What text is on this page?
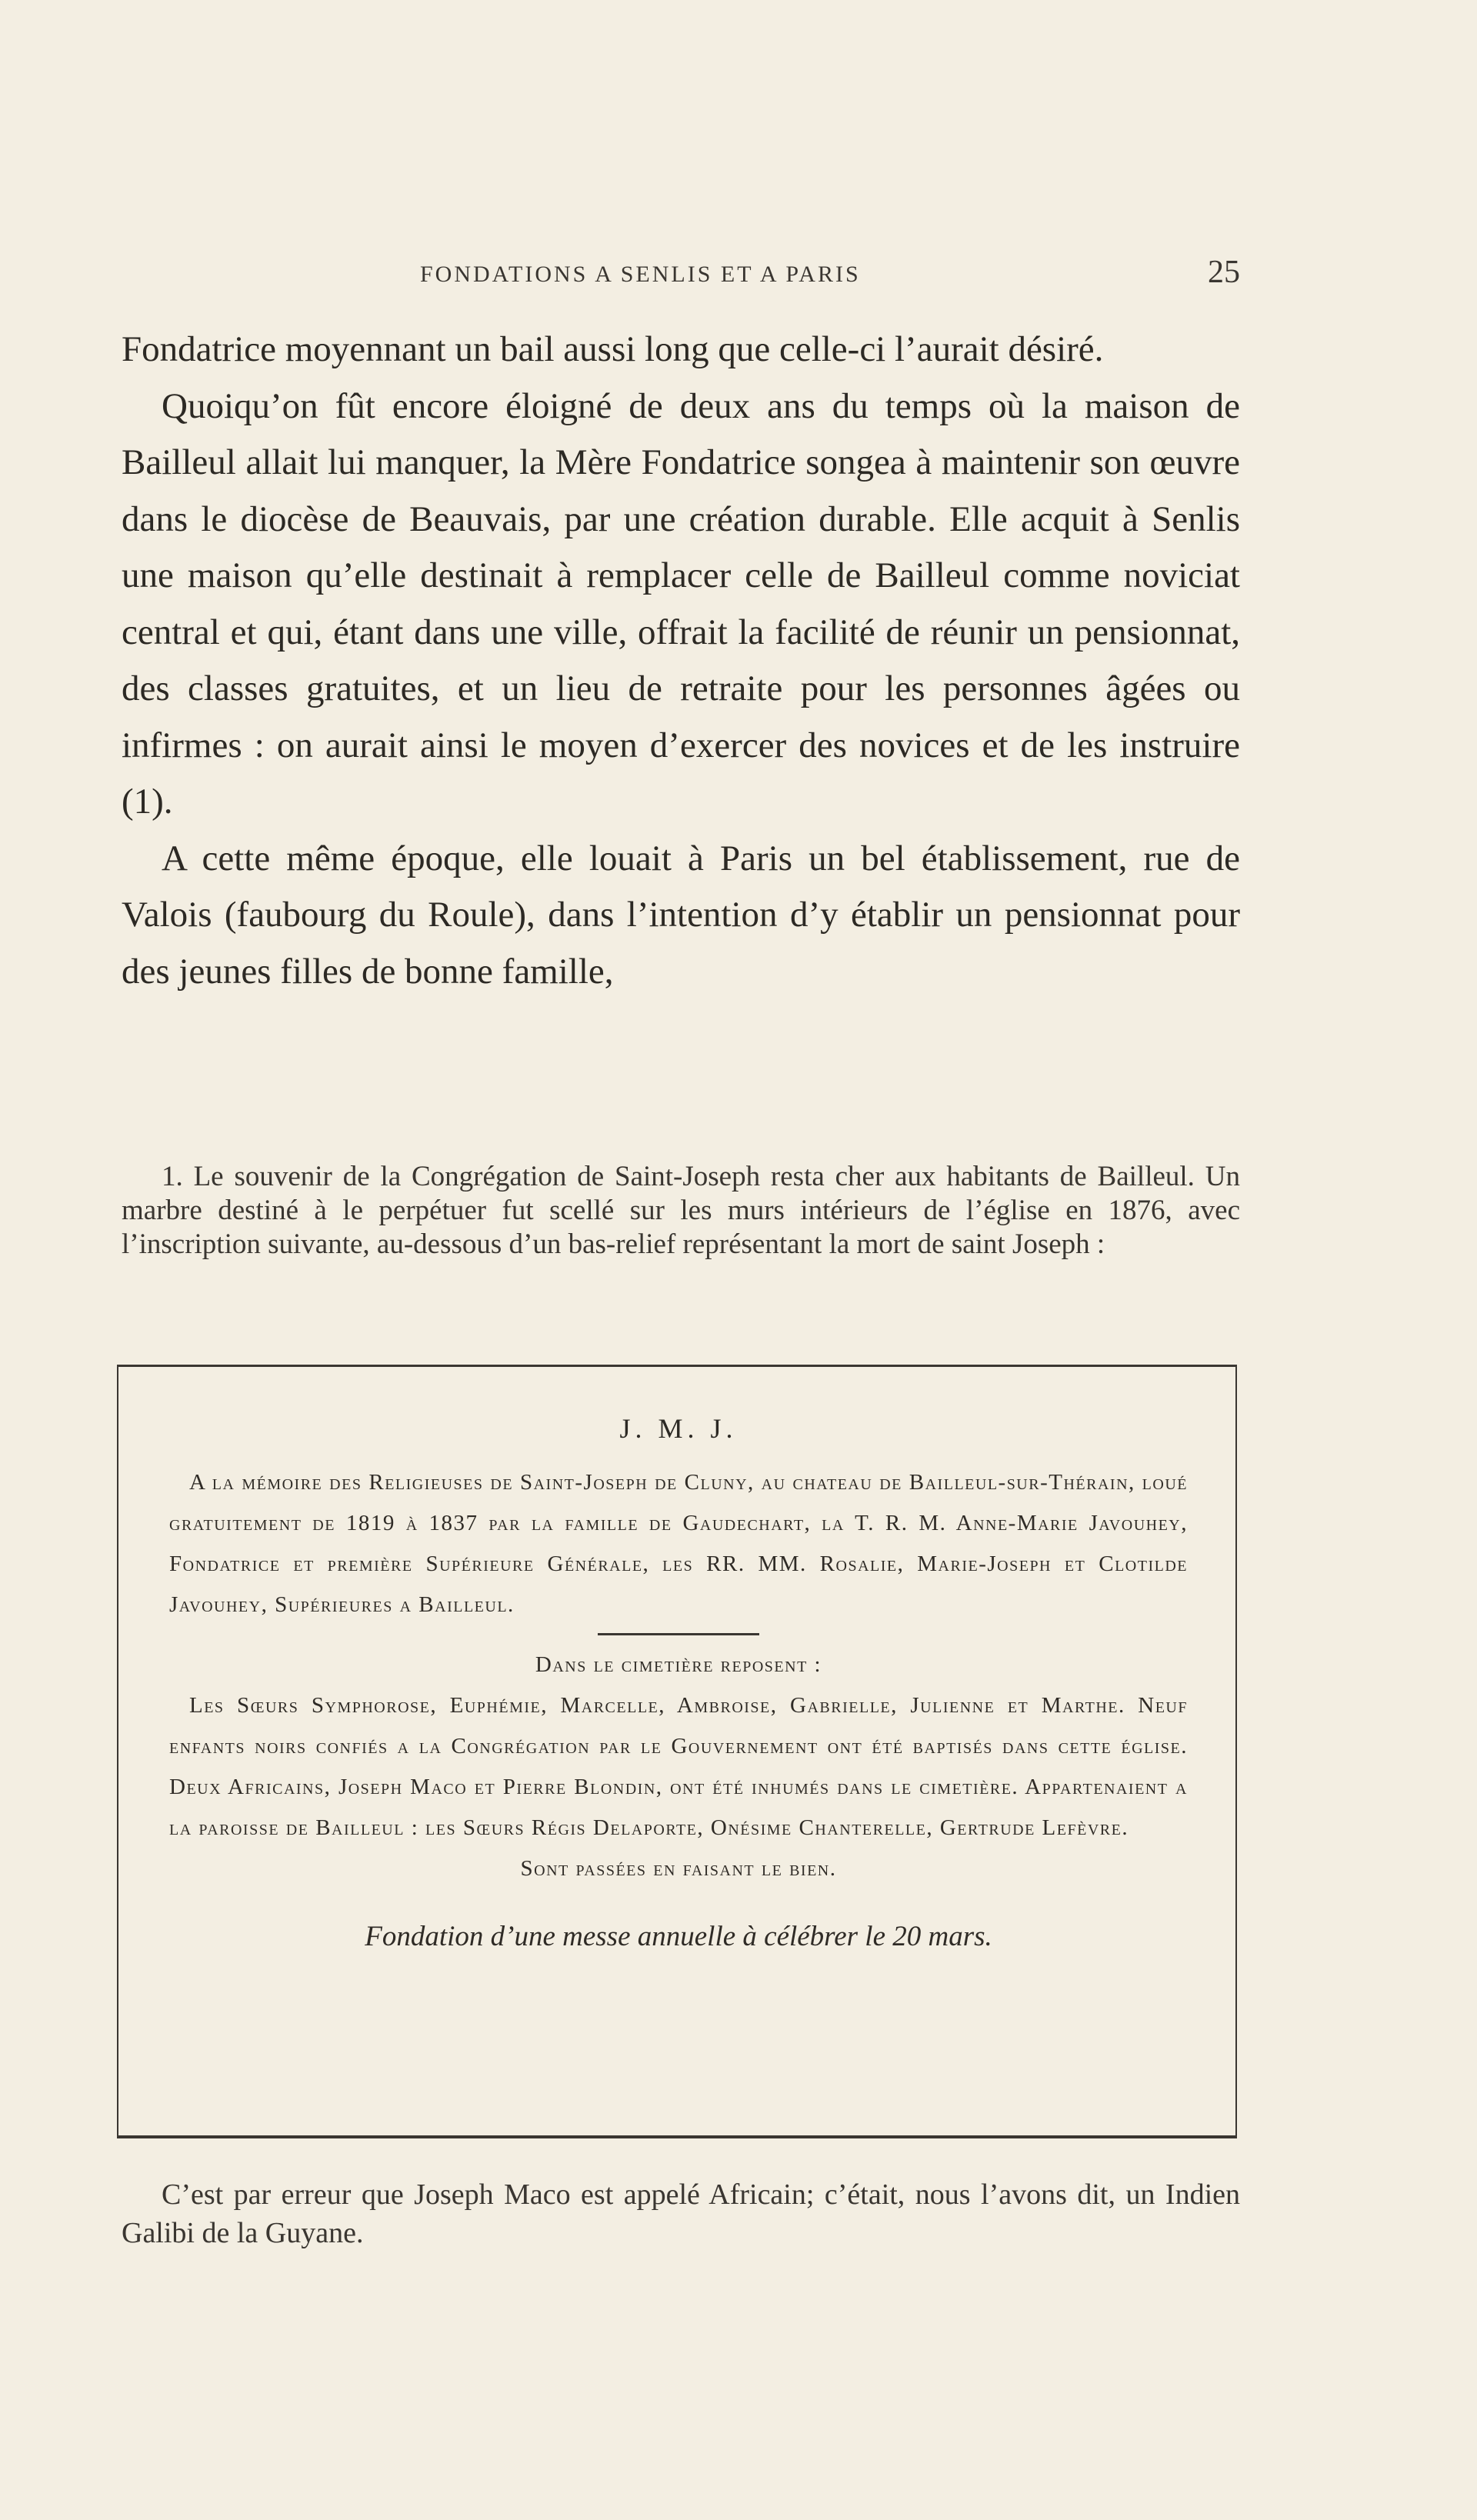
FONDATIONS A SENLIS ET A PARIS	25

Fondatrice moyennant un bail aussi long que celle-ci l’aurait désiré.

Quoiqu’on fût encore éloigné de deux ans du temps où la maison de Bailleul allait lui manquer, la Mère Fondatrice songea à maintenir son œuvre dans le diocèse de Beauvais, par une création durable. Elle acquit à Senlis une maison qu’elle destinait à remplacer celle de Bailleul comme noviciat central et qui, étant dans une ville, offrait la facilité de réunir un pensionnat, des classes gratuites, et un lieu de retraite pour les personnes âgées ou infirmes : on aurait ainsi le moyen d’exercer des novices et de les instruire (1).

A cette même époque, elle louait à Paris un bel établissement, rue de Valois (faubourg du Roule), dans l’intention d’y établir un pensionnat pour des jeunes filles de bonne famille,

1. Le souvenir de la Congrégation de Saint-Joseph resta cher aux habitants de Bailleul. Un marbre destiné à le perpétuer fut scellé sur les murs intérieurs de l’église en 1876, avec l’inscription suivante, au-dessous d’un bas-relief représentant la mort de saint Joseph :
J. M. J.
A la mémoire des Religieuses de Saint-Joseph de Cluny, au chateau de Bailleul-sur-Thérain, loué gratuitement de 1819 à 1837 par la famille de Gaudechart, la T. R. M. Anne-Marie Javouhey, Fondatrice et première Supérieure Générale, les RR. MM. Rosalie, Marie-Joseph et Clotilde Javouhey, Supérieures a Bailleul.
Dans le cimetière reposent :
Les Sœurs Symphorose, Euphémie, Marcelle, Ambroise, Gabrielle, Julienne et Marthe. Neuf enfants noirs confiés a la Congrégation par le Gouvernement ont été baptisés dans cette église. Deux Africains, Joseph Maco et Pierre Blondin, ont été inhumés dans le cimetière. Appartenaient a la paroisse de Bailleul : les Sœurs Régis Delaporte, Onésime Chanterelle, Gertrude Lefèvre.
Sont passées en faisant le bien.
Fondation d’une messe annuelle à célébrer le 20 mars.
C’est par erreur que Joseph Maco est appelé Africain; c’était, nous l’avons dit, un Indien Galibi de la Guyane.
